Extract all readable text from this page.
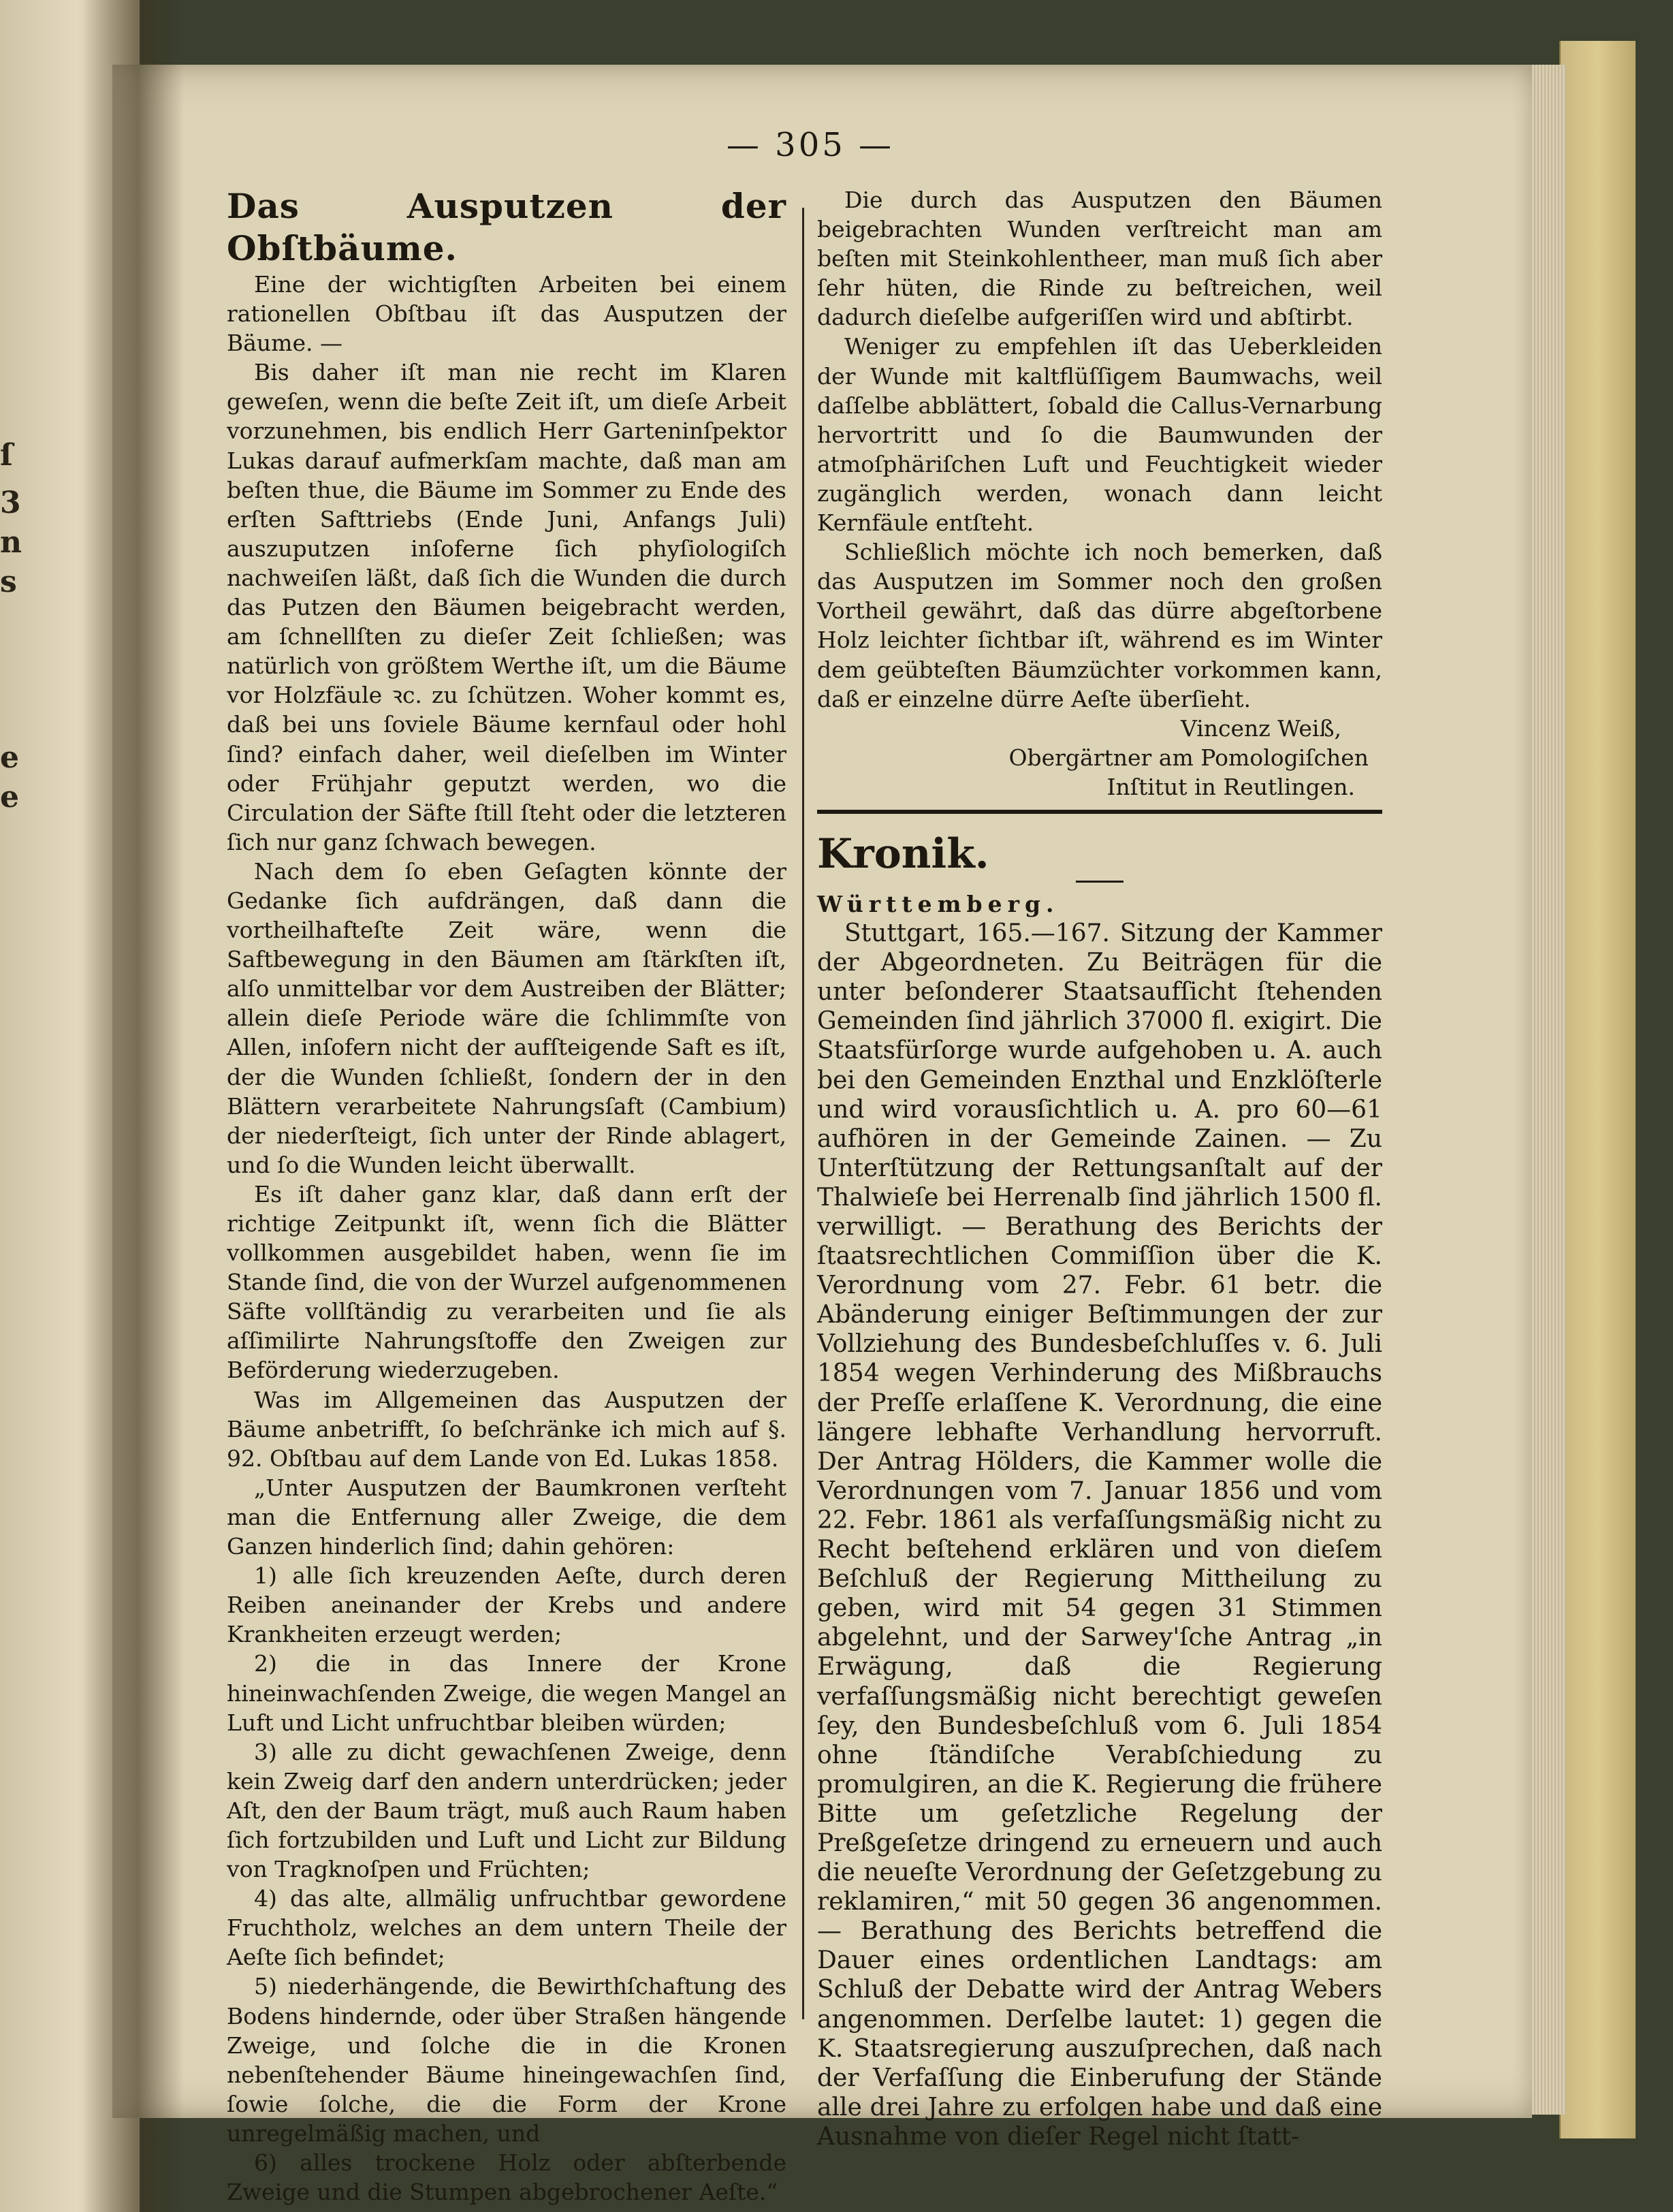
ſ
3
n
s
e
e
— 305 —

Das Ausputzen der Obſtbäume.

Eine der wichtigſten Arbeiten bei einem rationellen Obſtbau iſt das Ausputzen der Bäume. —

Bis daher iſt man nie recht im Klaren geweſen, wenn die beſte Zeit iſt, um dieſe Arbeit vorzunehmen, bis endlich Herr Garteninſpektor Lukas darauf aufmerkſam machte, daß man am beſten thue, die Bäume im Sommer zu Ende des erſten Safttriebs (Ende Juni, Anfangs Juli) auszuputzen inſoferne ſich phyſiologiſch nachweiſen läßt, daß ſich die Wunden die durch das Putzen den Bäumen beigebracht werden, am ſchnellſten zu dieſer Zeit ſchließen; was natürlich von größtem Werthe iſt, um die Bäume vor Holzfäule ꝛc. zu ſchützen. Woher kommt es, daß bei uns ſoviele Bäume kernfaul oder hohl ſind? einfach daher, weil dieſelben im Winter oder Frühjahr geputzt werden, wo die Circulation der Säfte ſtill ſteht oder die letzteren ſich nur ganz ſchwach bewegen.

Nach dem ſo eben Geſagten könnte der Gedanke ſich aufdrängen, daß dann die vortheilhafteſte Zeit wäre, wenn die Saftbewegung in den Bäumen am ſtärkſten iſt, alſo unmittelbar vor dem Austreiben der Blätter; allein dieſe Periode wäre die ſchlimmſte von Allen, inſofern nicht der aufſteigende Saft es iſt, der die Wunden ſchließt, ſondern der in den Blättern verarbeitete Nahrungsſaft (Cambium) der niederſteigt, ſich unter der Rinde ablagert, und ſo die Wunden leicht überwallt.

Es iſt daher ganz klar, daß dann erſt der richtige Zeitpunkt iſt, wenn ſich die Blätter vollkommen ausgebildet haben, wenn ſie im Stande ſind, die von der Wurzel aufgenommenen Säfte vollſtändig zu verarbeiten und ſie als aſſimilirte Nahrungsſtoffe den Zweigen zur Beförderung wiederzugeben.

Was im Allgemeinen das Ausputzen der Bäume anbetrifft, ſo beſchränke ich mich auf §. 92. Obſtbau auf dem Lande von Ed. Lukas 1858.

„Unter Ausputzen der Baumkronen verſteht man die Entfernung aller Zweige, die dem Ganzen hinderlich ſind; dahin gehören:

1) alle ſich kreuzenden Aeſte, durch deren Reiben aneinander der Krebs und andere Krankheiten erzeugt werden;

2) die in das Innere der Krone hineinwachſenden Zweige, die wegen Mangel an Luft und Licht unfruchtbar bleiben würden;

3) alle zu dicht gewachſenen Zweige, denn kein Zweig darf den andern unterdrücken; jeder Aſt, den der Baum trägt, muß auch Raum haben ſich fortzubilden und Luft und Licht zur Bildung von Tragknoſpen und Früchten;

4) das alte, allmälig unfruchtbar gewordene Fruchtholz, welches an dem untern Theile der Aeſte ſich befindet;

5) niederhängende, die Bewirthſchaftung des Bodens hindernde, oder über Straßen hängende Zweige, und ſolche die in die Kronen nebenſtehender Bäume hineingewachſen ſind, ſowie ſolche, die die Form der Krone unregelmäßig machen, und

6) alles trockene Holz oder abſterbende Zweige und die Stumpen abgebrochener Aeſte.“

Die durch das Ausputzen den Bäumen beigebrachten Wunden verſtreicht man am beſten mit Steinkohlentheer, man muß ſich aber ſehr hüten, die Rinde zu beſtreichen, weil dadurch dieſelbe aufgeriſſen wird und abſtirbt.

Weniger zu empfehlen iſt das Ueberkleiden der Wunde mit kaltflüſſigem Baumwachs, weil daſſelbe abblättert, ſobald die Callus-Vernarbung hervortritt und ſo die Baumwunden der atmoſphäriſchen Luft und Feuchtigkeit wieder zugänglich werden, wonach dann leicht Kernfäule entſteht.

Schließlich möchte ich noch bemerken, daß das Ausputzen im Sommer noch den großen Vortheil gewährt, daß das dürre abgeſtorbene Holz leichter ſichtbar iſt, während es im Winter dem geübteſten Bäumzüchter vorkommen kann, daß er einzelne dürre Aeſte überſieht.

Vincenz Weiß,
Obergärtner am Pomologiſchen
Inſtitut in Reutlingen.

Kronik.

Württemberg.

Stuttgart, 165.—167. Sitzung der Kammer der Abgeordneten. Zu Beiträgen für die unter beſonderer Staatsaufſicht ſtehenden Gemeinden ſind jährlich 37000 fl. exigirt. Die Staatsfürſorge wurde aufgehoben u. A. auch bei den Gemeinden Enzthal und Enzklöſterle und wird vorausſichtlich u. A. pro 60—61 aufhören in der Gemeinde Zainen. — Zu Unterſtützung der Rettungsanſtalt auf der Thalwieſe bei Herrenalb ſind jährlich 1500 fl. verwilligt. — Berathung des Berichts der ſtaatsrechtlichen Commiſſion über die K. Verordnung vom 27. Febr. 61 betr. die Abänderung einiger Beſtimmungen der zur Vollziehung des Bundesbeſchluſſes v. 6. Juli 1854 wegen Verhinderung des Mißbrauchs der Preſſe erlaſſene K. Verordnung, die eine längere lebhafte Verhandlung hervorruft. Der Antrag Hölders, die Kammer wolle die Verordnungen vom 7. Januar 1856 und vom 22. Febr. 1861 als verfaſſungsmäßig nicht zu Recht beſtehend erklären und von dieſem Beſchluß der Regierung Mittheilung zu geben, wird mit 54 gegen 31 Stimmen abgelehnt, und der Sarwey'ſche Antrag „in Erwägung, daß die Regierung verfaſſungsmäßig nicht berechtigt geweſen ſey, den Bundesbeſchluß vom 6. Juli 1854 ohne ſtändiſche Verabſchiedung zu promulgiren, an die K. Regierung die frühere Bitte um geſetzliche Regelung der Preßgeſetze dringend zu erneuern und auch die neueſte Verordnung der Geſetzgebung zu reklamiren,“ mit 50 gegen 36 angenommen. — Berathung des Berichts betreffend die Dauer eines ordentlichen Landtags: am Schluß der Debatte wird der Antrag Webers angenommen. Derſelbe lautet: 1) gegen die K. Staatsregierung auszuſprechen, daß nach der Verfaſſung die Einberufung der Stände alle drei Jahre zu erfolgen habe und daß eine Ausnahme von dieſer Regel nicht ſtatt-
